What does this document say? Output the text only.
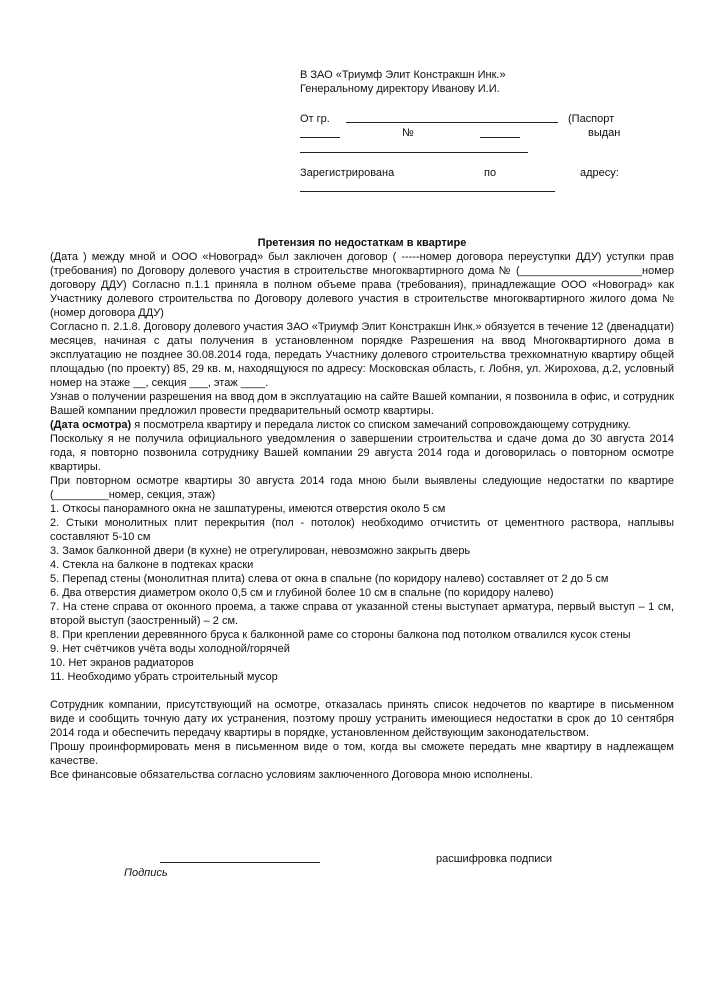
В ЗАО «Триумф Элит Констракшн Инк.»
Генеральному директору Иванову И.И.
От гр.	(Паспорт
№	выдан
Зарегистрирована	по	адресу:

Претензия по недостаткам в квартире

(Дата ) между мной и ООО «Новоград» был заключен договор ( -----номер договора переуступки ДДУ) уступки прав (требования) по Договору долевого участия в строительстве многоквартирного дома № (____________________номер договору ДДУ) Согласно п.1.1 приняла в полном объеме права (требования), принадлежащие ООО «Новоград» как Участнику долевого строительства по Договору долевого участия в строительстве многоквартирного жилого дома № (номер договора ДДУ)

Согласно п. 2.1.8. Договору долевого участия ЗАО «Триумф Элит Констракшн Инк.» обязуется в течение 12 (двенадцати) месяцев, начиная с даты получения в установленном порядке Разрешения на ввод Многоквартирного дома в эксплуатацию не позднее 30.08.2014 года, передать Участнику долевого строительства трехкомнатную квартиру общей площадью (по проекту) 85, 29 кв. м, находящуюся по адресу: Московская область, г. Лобня, ул. Жирохова, д.2, условный номер на этаже __, секция ___, этаж ____.

Узнав о получении разрешения на ввод дом в эксплуатацию на сайте Вашей компании, я позвонила в офис, и сотрудник Вашей компании предложил провести предварительный осмотр квартиры.

(Дата осмотра) я посмотрела квартиру и передала листок со списком замечаний сопровождающему сотруднику.

Поскольку я не получила официального уведомления о завершении строительства и сдаче дома до 30 августа 2014 года, я повторно позвонила сотруднику Вашей компании 29 августа 2014 года и договорилась о повторном осмотре квартиры.

При повторном осмотре квартиры 30 августа 2014 года мною были выявлены следующие недостатки по квартире (_________номер, секция, этаж)

1. Откосы панорамного окна не зашпатурены, имеются отверстия около 5 см

2. Стыки монолитных плит перекрытия (пол - потолок) необходимо отчистить от цементного раствора, наплывы составляют 5-10 см

3. Замок балконной двери (в кухне) не отрегулирован, невозможно закрыть дверь

4. Стекла на балконе в подтеках краски

5. Перепад стены (монолитная плита) слева от окна в спальне (по коридору налево) составляет от 2 до 5 см

6. Два отверстия диаметром около 0,5 см и глубиной более 10 см в спальне (по коридору налево)

7. На стене справа от оконного проема, а также справа от указанной стены выступает арматура, первый выступ – 1 см, второй выступ (заостренный) – 2 см.

8. При креплении деревянного бруса к балконной раме со стороны балкона под потолком отвалился кусок стены

9. Нет счётчиков учёта воды холодной/горячей

10. Нет экранов радиаторов

11. Необходимо убрать строительный мусор

Сотрудник компании, присутствующий на осмотре, отказалась принять список недочетов по квартире в письменном виде и сообщить точную дату их устранения, поэтому прошу устранить имеющиеся недостатки в срок до 10 сентября 2014 года и обеспечить передачу квартиры в порядке, установленном действующим законодательством.

Прошу проинформировать меня в письменном виде о том, когда вы сможете передать мне квартиру в надлежащем качестве.

Все финансовые обязательства согласно условиям заключенного Договора мною исполнены.

Подпись
расшифровка подписи
